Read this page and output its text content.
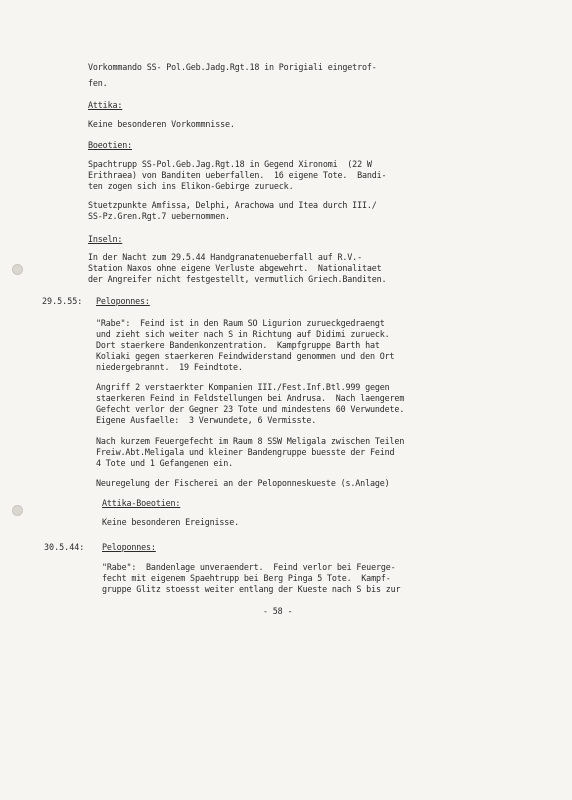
Vorkommando SS- Pol.Geb.Jadg.Rgt.18 in Porigiali eingetrof-
fen.
Attika:
Keine besonderen Vorkommnisse.
Boeotien:
Spachtrupp SS-Pol.Geb.Jag.Rgt.18 in Gegend Xironomi  (22 W
Erithraea) von Banditen ueberfallen.  16 eigene Tote.  Bandi-
ten zogen sich ins Elikon-Gebirge zurueck.
Stuetzpunkte Amfissa, Delphi, Arachowa und Itea durch III./
SS-Pz.Gren.Rgt.7 uebernommen.
Inseln:
In der Nacht zum 29.5.44 Handgranatenueberfall auf R.V.-
Station Naxos ohne eigene Verluste abgewehrt.  Nationalitaet
der Angreifer nicht festgestellt, vermutlich Griech.Banditen.
29.5.55: Peloponnes:
"Rabe":  Feind ist in den Raum SO Ligurion zurueckgedraengt
und zieht sich weiter nach S in Richtung auf Didimi zurueck.
Dort staerkere Bandenkonzentration.  Kampfgruppe Barth hat
Koliaki gegen staerkeren Feindwiderstand genommen und den Ort
niedergebrannt.  19 Feindtote.
Angriff 2 verstaerkter Kompanien III./Fest.Inf.Btl.999 gegen
staerkeren Feind in Feldstellungen bei Andrusa.  Nach laengerem
Gefecht verlor der Gegner 23 Tote und mindestens 60 Verwundete.
Eigene Ausfaelle:  3 Verwundete, 6 Vermisste.
Nach kurzem Feuergefecht im Raum 8 SSW Meligala zwischen Teilen
Freiw.Abt.Meligala und kleiner Bandengruppe buesste der Feind
4 Tote und 1 Gefangenen ein.
Neuregelung der Fischerei an der Peloponneskueste (s.Anlage)
Attika-Boeotien:
Keine besonderen Ereignisse.
30.5.44: Peloponnes:
"Rabe":  Bandenlage unveraendert.  Feind verlor bei Feuerge-
fecht mit eigenem Spaehtrupp bei Berg Pinga 5 Tote.  Kampf-
gruppe Glitz stoesst weiter entlang der Kueste nach S bis zur
- 58 -
